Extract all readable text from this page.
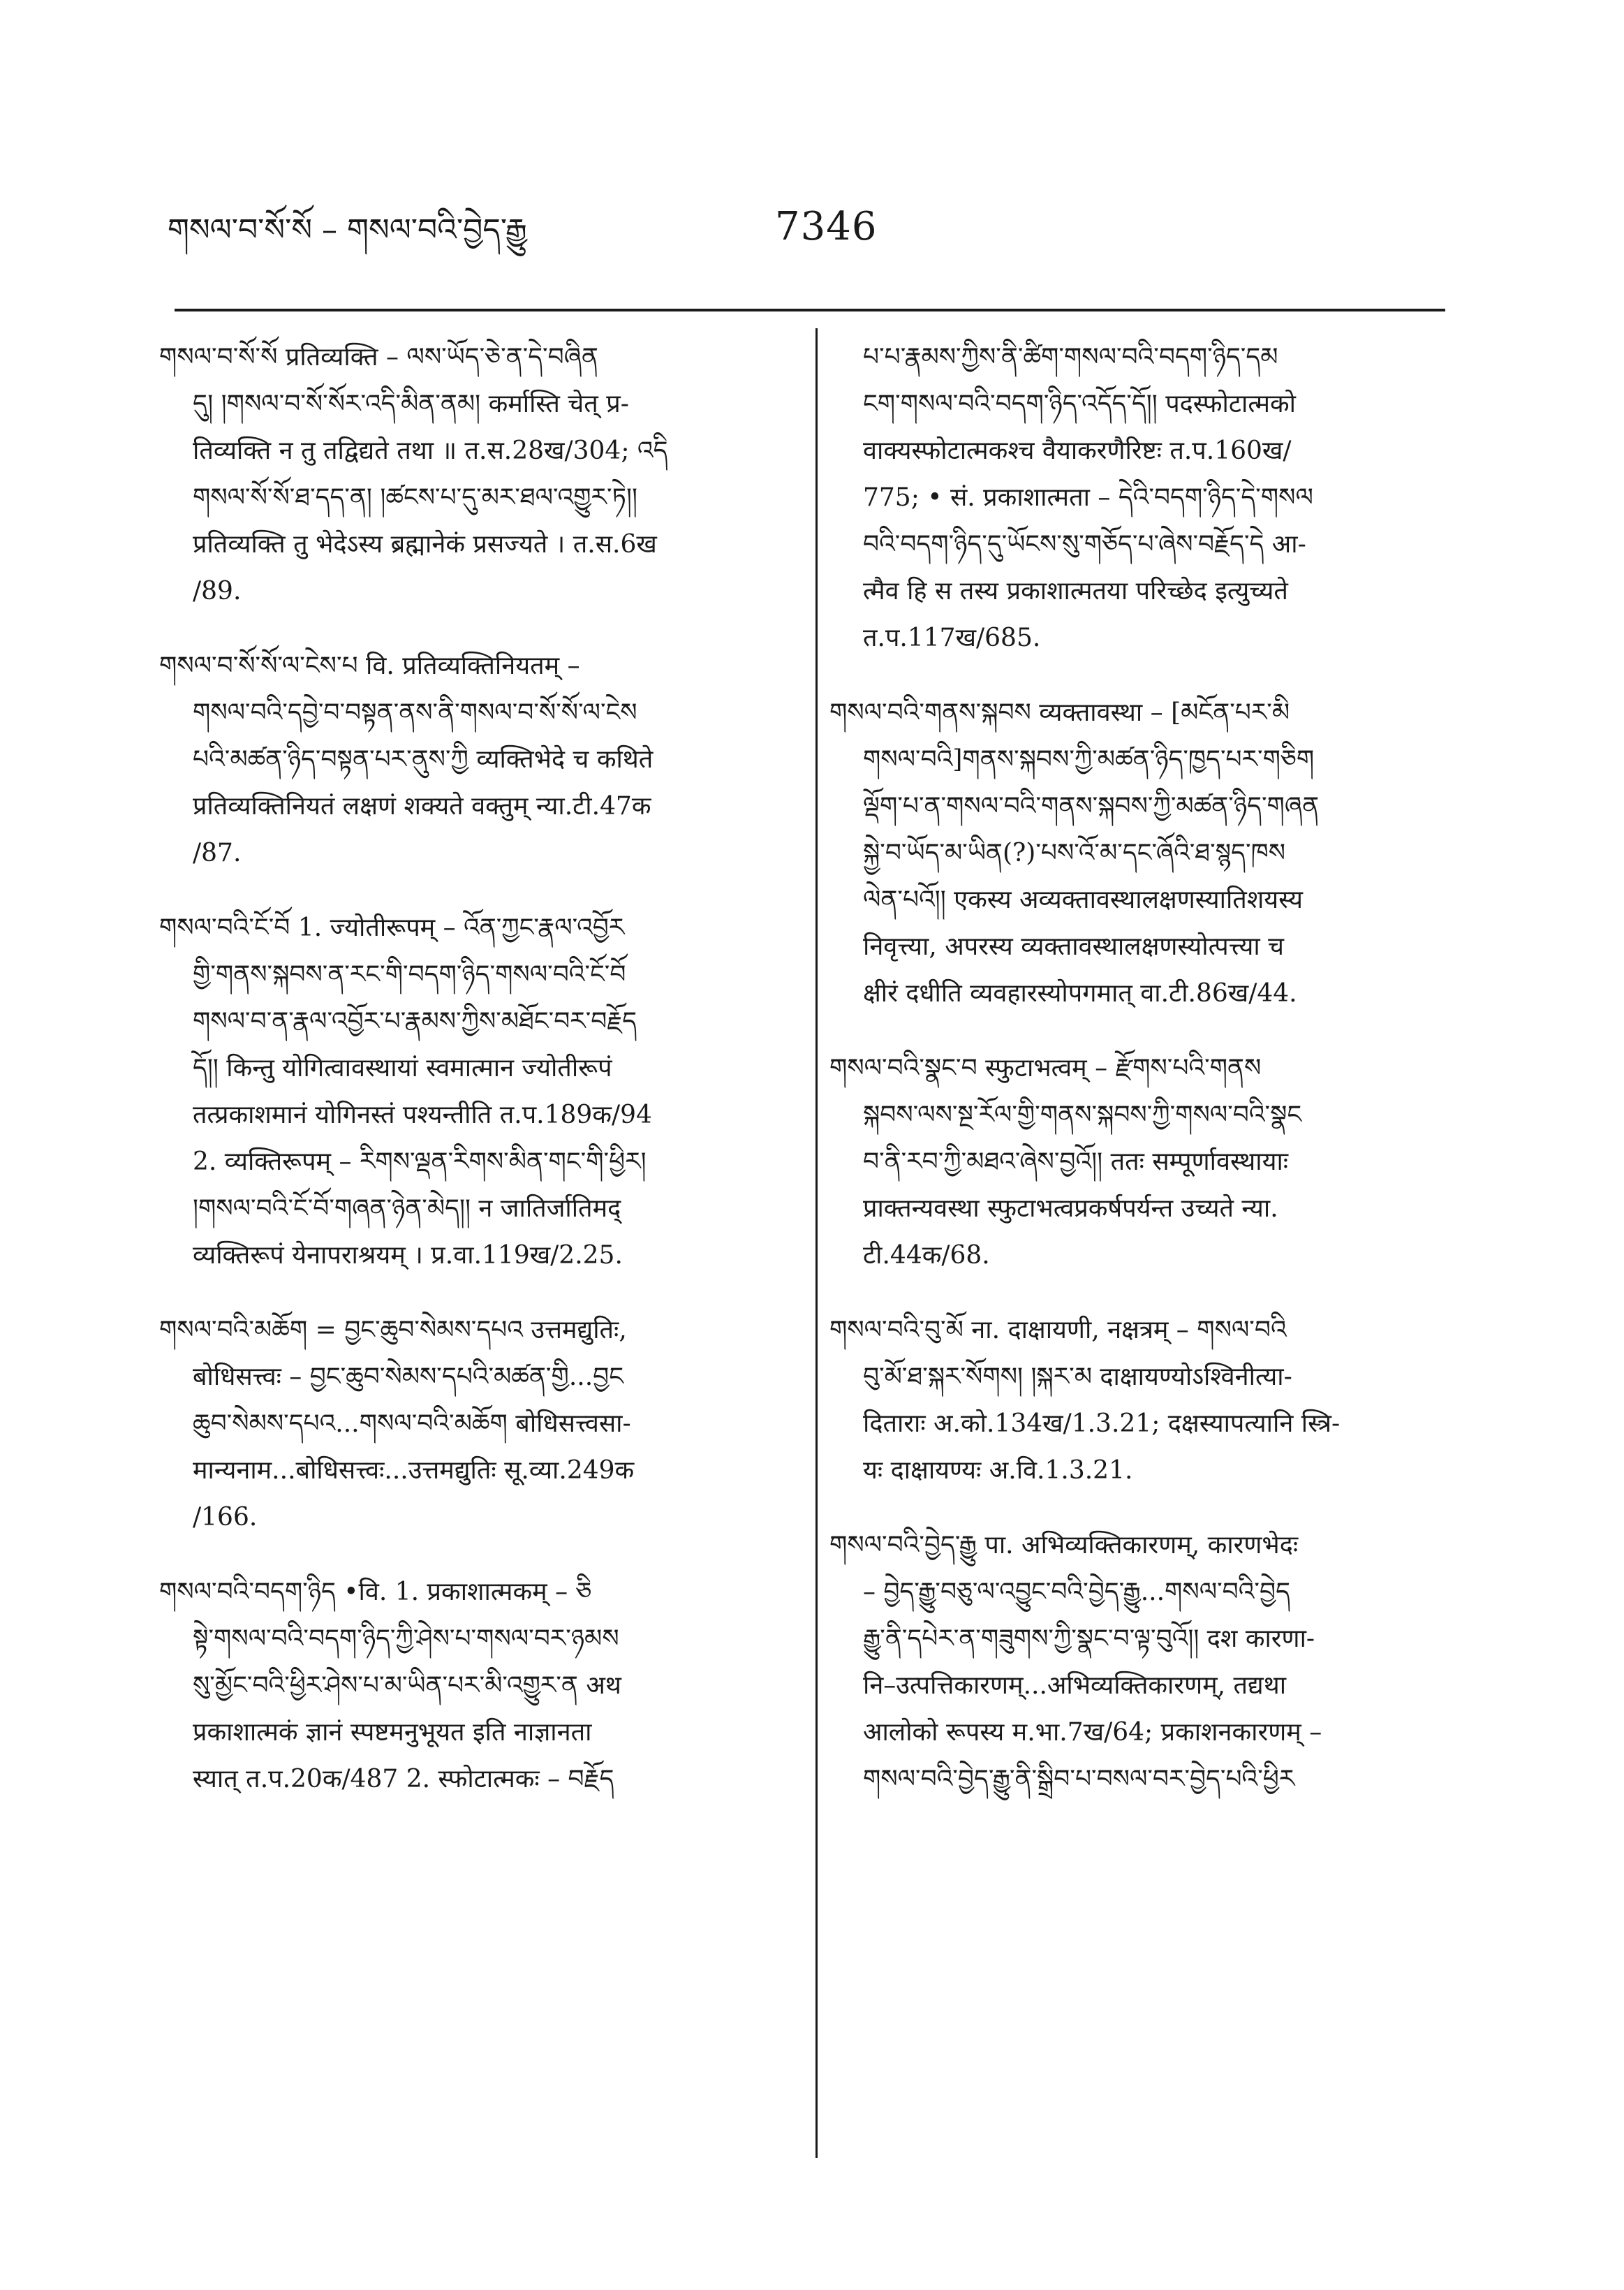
གསལ་བ་སོ་སོ – གསལ་བའི་བྱེད་རྒྱུ	7346

གསལ་བ་སོ་སོ प्रतिव्यक्ति – ལས་ཡོད་ཅེ་ན་དེ་བཞིན
དུ། །གསལ་བ་སོ་སོར་འདི་མིན་ནམ། कर्मास्ति चेत् प्र-
तिव्यक्ति न तु तद्विद्यते तथा ॥ त.स.28ख/304; འདི
གསལ་སོ་སོ་ཐ་དད་ན། །ཚངས་པ་དུ་མར་ཐལ་འགྱུར་ཏེ།།
प्रतिव्यक्ति तु भेदेऽस्य ब्रह्मानेकं प्रसज्यते । त.स.6ख
/89.

གསལ་བ་སོ་སོ་ལ་ངེས་པ वि. प्रतिव्यक्तिनियतम् –
གསལ་བའི་དབྱེ་བ་བསྟན་ནས་ནི་གསལ་བ་སོ་སོ་ལ་ངེས
པའི་མཚན་ཉིད་བསྟན་པར་ནུས་ཀྱི व्यक्तिभेदे च कथिते
प्रतिव्यक्तिनियतं लक्षणं शक्यते वक्तुम् न्या.टी.47क
/87.

གསལ་བའི་ངོ་བོ 1. ज्योतीरूपम् – འོན་ཀྱང་རྣལ་འབྱོར
གྱི་གནས་སྐབས་ན་རང་གི་བདག་ཉིད་གསལ་བའི་ངོ་བོ
གསལ་བ་ན་རྣལ་འབྱོར་པ་རྣམས་ཀྱིས་མཐོང་བར་བརྗོད
དོ།། किन्तु योगित्वावस्थायां स्वमात्मान ज्योतीरूपं
तत्प्रकाशमानं योगिनस्तं पश्यन्तीति त.प.189क/94
2. व्यक्तिरूपम् – རིགས་ལྡན་རིགས་མིན་གང་གི་ཕྱིར།
།གསལ་བའི་ངོ་བོ་གཞན་ཉེན་མེད།། न जातिर्जातिमद्
व्यक्तिरूपं येनापराश्रयम् । प्र.वा.119ख/2.25.

གསལ་བའི་མཆོག = བྱང་ཆུབ་སེམས་དཔའ उत्तमद्युतिः,
बोधिसत्त्वः – བྱང་ཆུབ་སེམས་དཔའི་མཚན་གྱི...བྱང
ཆུབ་སེམས་དཔའ...གསལ་བའི་མཆོག बोधिसत्त्वसा-
मान्यनाम...बोधिसत्त्वः...उत्तमद्युतिः सू.व्या.249क
/166.

གསལ་བའི་བདག་ཉིད •वि. 1. प्रकाशात्मकम् – ཅི
སྟེ་གསལ་བའི་བདག་ཉིད་ཀྱི་ཤེས་པ་གསལ་བར་ཉམས
སུ་མྱོང་བའི་ཕྱིར་ཤེས་པ་མ་ཡིན་པར་མི་འགྱུར་ན अथ
प्रकाशात्मकं ज्ञानं स्पष्टमनुभूयत इति नाज्ञानता
स्यात् त.प.20क/487 2. स्फोटात्मकः – བརྗོད

པ་པ་རྣམས་ཀྱིས་ནི་ཚིག་གསལ་བའི་བདག་ཉིད་དམ
ངག་གསལ་བའི་བདག་ཉིད་འདོད་དོ།། पदस्फोटात्मको
वाक्यस्फोटात्मकश्च वैयाकरणैरिष्टः त.प.160ख/
775; • सं. प्रकाशात्मता – དེའི་བདག་ཉིད་དེ་གསལ
བའི་བདག་ཉིད་དུ་ཡོངས་སུ་གཅོད་པ་ཞེས་བརྗོད་དེ आ-
त्मैव हि स तस्य प्रकाशात्मतया परिच्छेद इत्युच्यते
त.प.117ख/685.

གསལ་བའི་གནས་སྐབས व्यक्तावस्था – [མངོན་པར་མི
གསལ་བའི]གནས་སྐབས་ཀྱི་མཚན་ཉིད་ཁྱད་པར་གཅིག
ལྡོག་པ་ན་གསལ་བའི་གནས་སྐབས་ཀྱི་མཚན་ཉིད་གཞན
སྐྱེ་བ་ཡོད་མ་ཡིན(?)་པས་འོ་མ་དང་ཞོའི་ཐ་སྙད་ཁས
ལེན་པའོ།། एकस्य अव्यक्तावस्थालक्षणस्यातिशयस्य
निवृत्त्या, अपरस्य व्यक्तावस्थालक्षणस्योत्पत्त्या च
क्षीरं दधीति व्यवहारस्योपगमात् वा.टी.86ख/44.

གསལ་བའི་སྣང་བ स्फुटाभत्वम् – རྫོགས་པའི་གནས
སྐབས་ལས་སྔ་རོལ་གྱི་གནས་སྐབས་ཀྱི་གསལ་བའི་སྣང
བ་ནི་རབ་ཀྱི་མཐའ་ཞེས་བྱའོ།། ततः सम्पूर्णावस्थायाः
प्राक्तन्यवस्था स्फुटाभत्वप्रकर्षपर्यन्त उच्यते न्या.
टी.44क/68.

གསལ་བའི་བུ་མོ ना. दाक्षायणी, नक्षत्रम् – གསལ་བའི
བུ་མོ་ཐ་སྐར་སོགས། །སྐར་མ दाक्षायण्योऽश्विनीत्या-
दिताराः अ.को.134ख/1.3.21; दक्षस्यापत्यानि स्त्रि-
यः दाक्षायण्यः अ.वि.1.3.21.

གསལ་བའི་བྱེད་རྒྱུ पा. अभिव्यक्तिकारणम्, कारणभेदः
– བྱེད་རྒྱུ་བཅུ་ལ་འབྱུང་བའི་བྱེད་རྒྱུ...གསལ་བའི་བྱེད
རྒྱུ་ནི་དཔེར་ན་གཟུགས་ཀྱི་སྣང་བ་ལྟ་བུའོ།། दश कारणा-
नि–उत्पत्तिकारणम्...अभिव्यक्तिकारणम्, तद्यथा
आलोको रूपस्य म.भा.7ख/64; प्रकाशनकारणम् –
གསལ་བའི་བྱེད་རྒྱུ་ནི་སྒྲིབ་པ་བསལ་བར་བྱེད་པའི་ཕྱིར
